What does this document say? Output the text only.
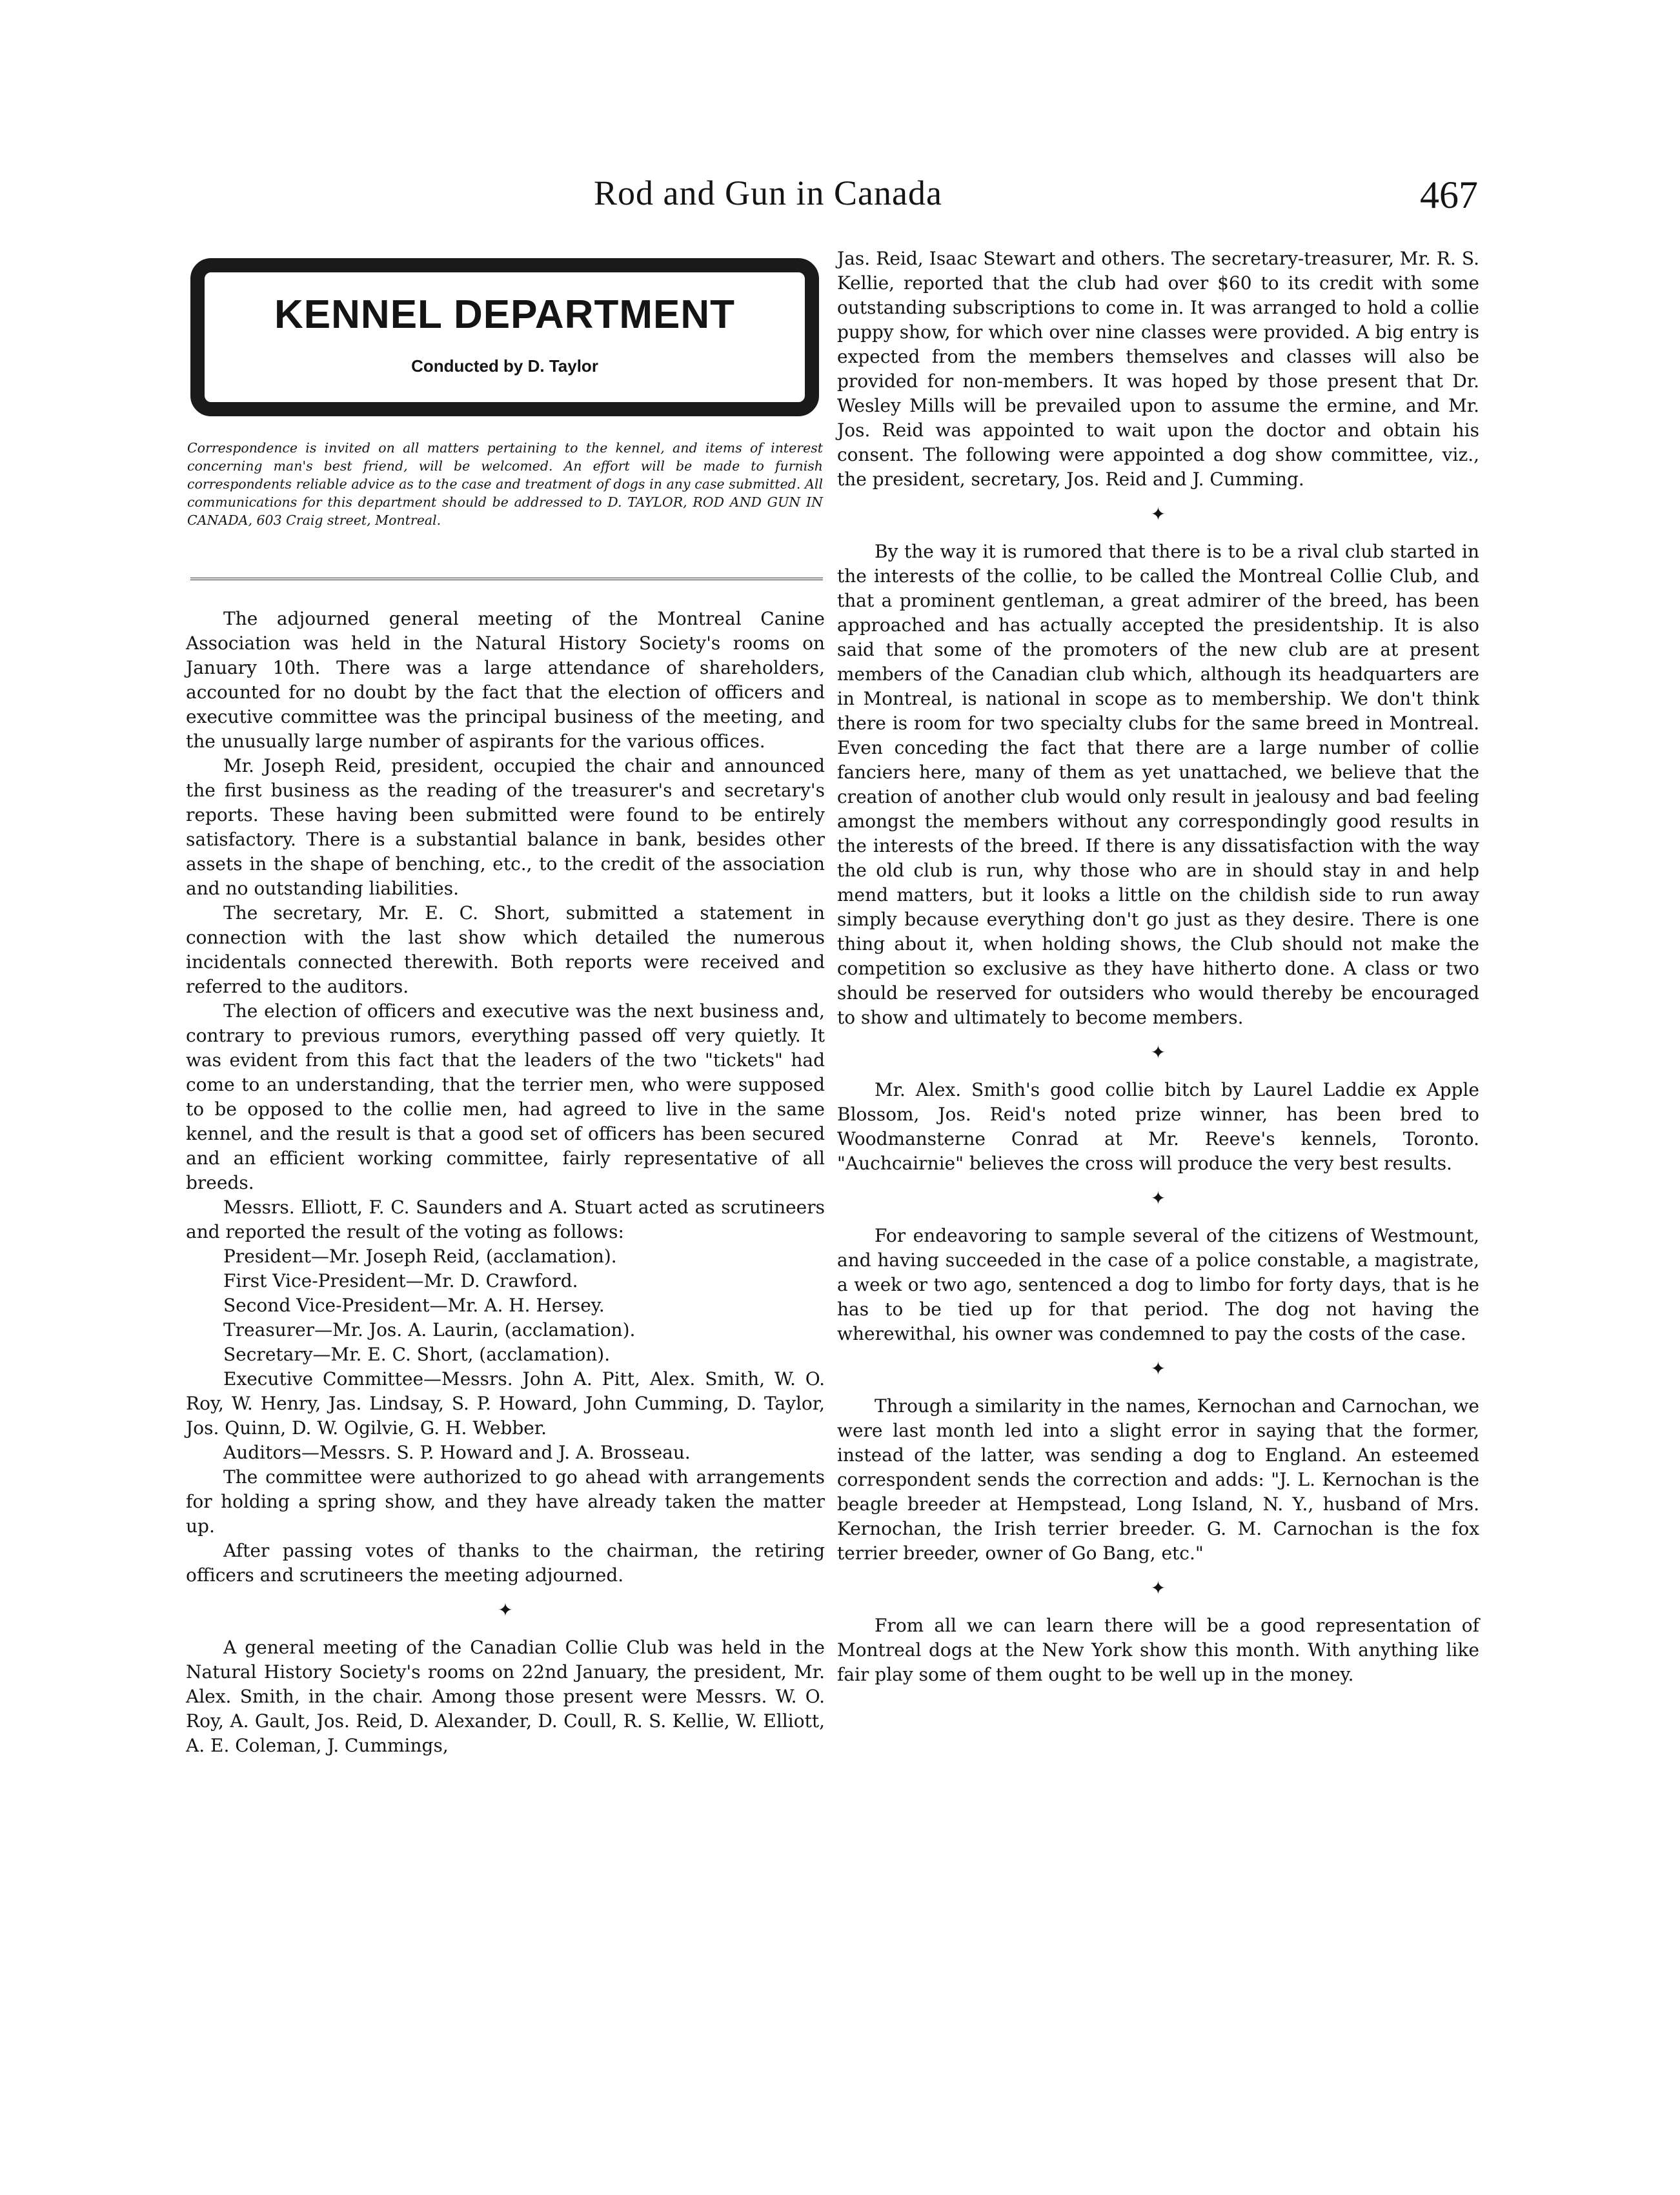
Rod and Gun in Canada	467
KENNEL DEPARTMENT
Conducted by D. Taylor
Correspondence is invited on all matters pertaining to the kennel, and items of interest concerning man's best friend, will be welcomed. An effort will be made to furnish correspondents reliable advice as to the case and treatment of dogs in any case submitted. All communications for this department should be addressed to D. TAYLOR, ROD AND GUN IN CANADA, 603 Craig street, Montreal.

The adjourned general meeting of the Montreal Canine Association was held in the Natural History Society's rooms on January 10th. There was a large attendance of shareholders, accounted for no doubt by the fact that the election of officers and executive committee was the principal business of the meeting, and the unusually large number of aspirants for the various offices.

Mr. Joseph Reid, president, occupied the chair and announced the first business as the reading of the treasurer's and secretary's reports. These having been submitted were found to be entirely satisfactory. There is a substantial balance in bank, besides other assets in the shape of benching, etc., to the credit of the association and no outstanding liabilities.

The secretary, Mr. E. C. Short, submitted a statement in connection with the last show which detailed the numerous incidentals connected therewith. Both reports were received and referred to the auditors.

The election of officers and executive was the next business and, contrary to previous rumors, everything passed off very quietly. It was evident from this fact that the leaders of the two "tickets" had come to an understanding, that the terrier men, who were supposed to be opposed to the collie men, had agreed to live in the same kennel, and the result is that a good set of officers has been secured and an efficient working committee, fairly representative of all breeds.

Messrs. Elliott, F. C. Saunders and A. Stuart acted as scrutineers and reported the result of the voting as follows:

President—Mr. Joseph Reid, (acclamation).

First Vice-President—Mr. D. Crawford.

Second Vice-President—Mr. A. H. Hersey.

Treasurer—Mr. Jos. A. Laurin, (acclamation).

Secretary—Mr. E. C. Short, (acclamation).

Executive Committee—Messrs. John A. Pitt, Alex. Smith, W. O. Roy, W. Henry, Jas. Lindsay, S. P. Howard, John Cumming, D. Taylor, Jos. Quinn, D. W. Ogilvie, G. H. Webber.

Auditors—Messrs. S. P. Howard and J. A. Brosseau.

The committee were authorized to go ahead with arrangements for holding a spring show, and they have already taken the matter up.

After passing votes of thanks to the chairman, the retiring officers and scrutineers the meeting adjourned.

✦

A general meeting of the Canadian Collie Club was held in the Natural History Society's rooms on 22nd January, the president, Mr. Alex. Smith, in the chair. Among those present were Messrs. W. O. Roy, A. Gault, Jos. Reid, D. Alexander, D. Coull, R. S. Kellie, W. Elliott, A. E. Coleman, J. Cummings,

Jas. Reid, Isaac Stewart and others. The secretary-treasurer, Mr. R. S. Kellie, reported that the club had over $60 to its credit with some outstanding subscriptions to come in. It was arranged to hold a collie puppy show, for which over nine classes were provided. A big entry is expected from the members themselves and classes will also be provided for non-members. It was hoped by those present that Dr. Wesley Mills will be prevailed upon to assume the ermine, and Mr. Jos. Reid was appointed to wait upon the doctor and obtain his consent. The following were appointed a dog show committee, viz., the president, secretary, Jos. Reid and J. Cumming.

✦

By the way it is rumored that there is to be a rival club started in the interests of the collie, to be called the Montreal Collie Club, and that a prominent gentleman, a great admirer of the breed, has been approached and has actually accepted the presidentship. It is also said that some of the promoters of the new club are at present members of the Canadian club which, although its headquarters are in Montreal, is national in scope as to membership. We don't think there is room for two specialty clubs for the same breed in Montreal. Even conceding the fact that there are a large number of collie fanciers here, many of them as yet unattached, we believe that the creation of another club would only result in jealousy and bad feeling amongst the members without any correspondingly good results in the interests of the breed. If there is any dissatisfaction with the way the old club is run, why those who are in should stay in and help mend matters, but it looks a little on the childish side to run away simply because everything don't go just as they desire. There is one thing about it, when holding shows, the Club should not make the competition so exclusive as they have hitherto done. A class or two should be reserved for outsiders who would thereby be encouraged to show and ultimately to become members.

✦

Mr. Alex. Smith's good collie bitch by Laurel Laddie ex Apple Blossom, Jos. Reid's noted prize winner, has been bred to Woodmansterne Conrad at Mr. Reeve's kennels, Toronto. "Auchcairnie" believes the cross will produce the very best results.

✦

For endeavoring to sample several of the citizens of Westmount, and having succeeded in the case of a police constable, a magistrate, a week or two ago, sentenced a dog to limbo for forty days, that is he has to be tied up for that period. The dog not having the wherewithal, his owner was condemned to pay the costs of the case.

✦

Through a similarity in the names, Kernochan and Carnochan, we were last month led into a slight error in saying that the former, instead of the latter, was sending a dog to England. An esteemed correspondent sends the correction and adds: "J. L. Kernochan is the beagle breeder at Hempstead, Long Island, N. Y., husband of Mrs. Kernochan, the Irish terrier breeder. G. M. Carnochan is the fox terrier breeder, owner of Go Bang, etc."

✦

From all we can learn there will be a good representation of Montreal dogs at the New York show this month. With anything like fair play some of them ought to be well up in the money.
